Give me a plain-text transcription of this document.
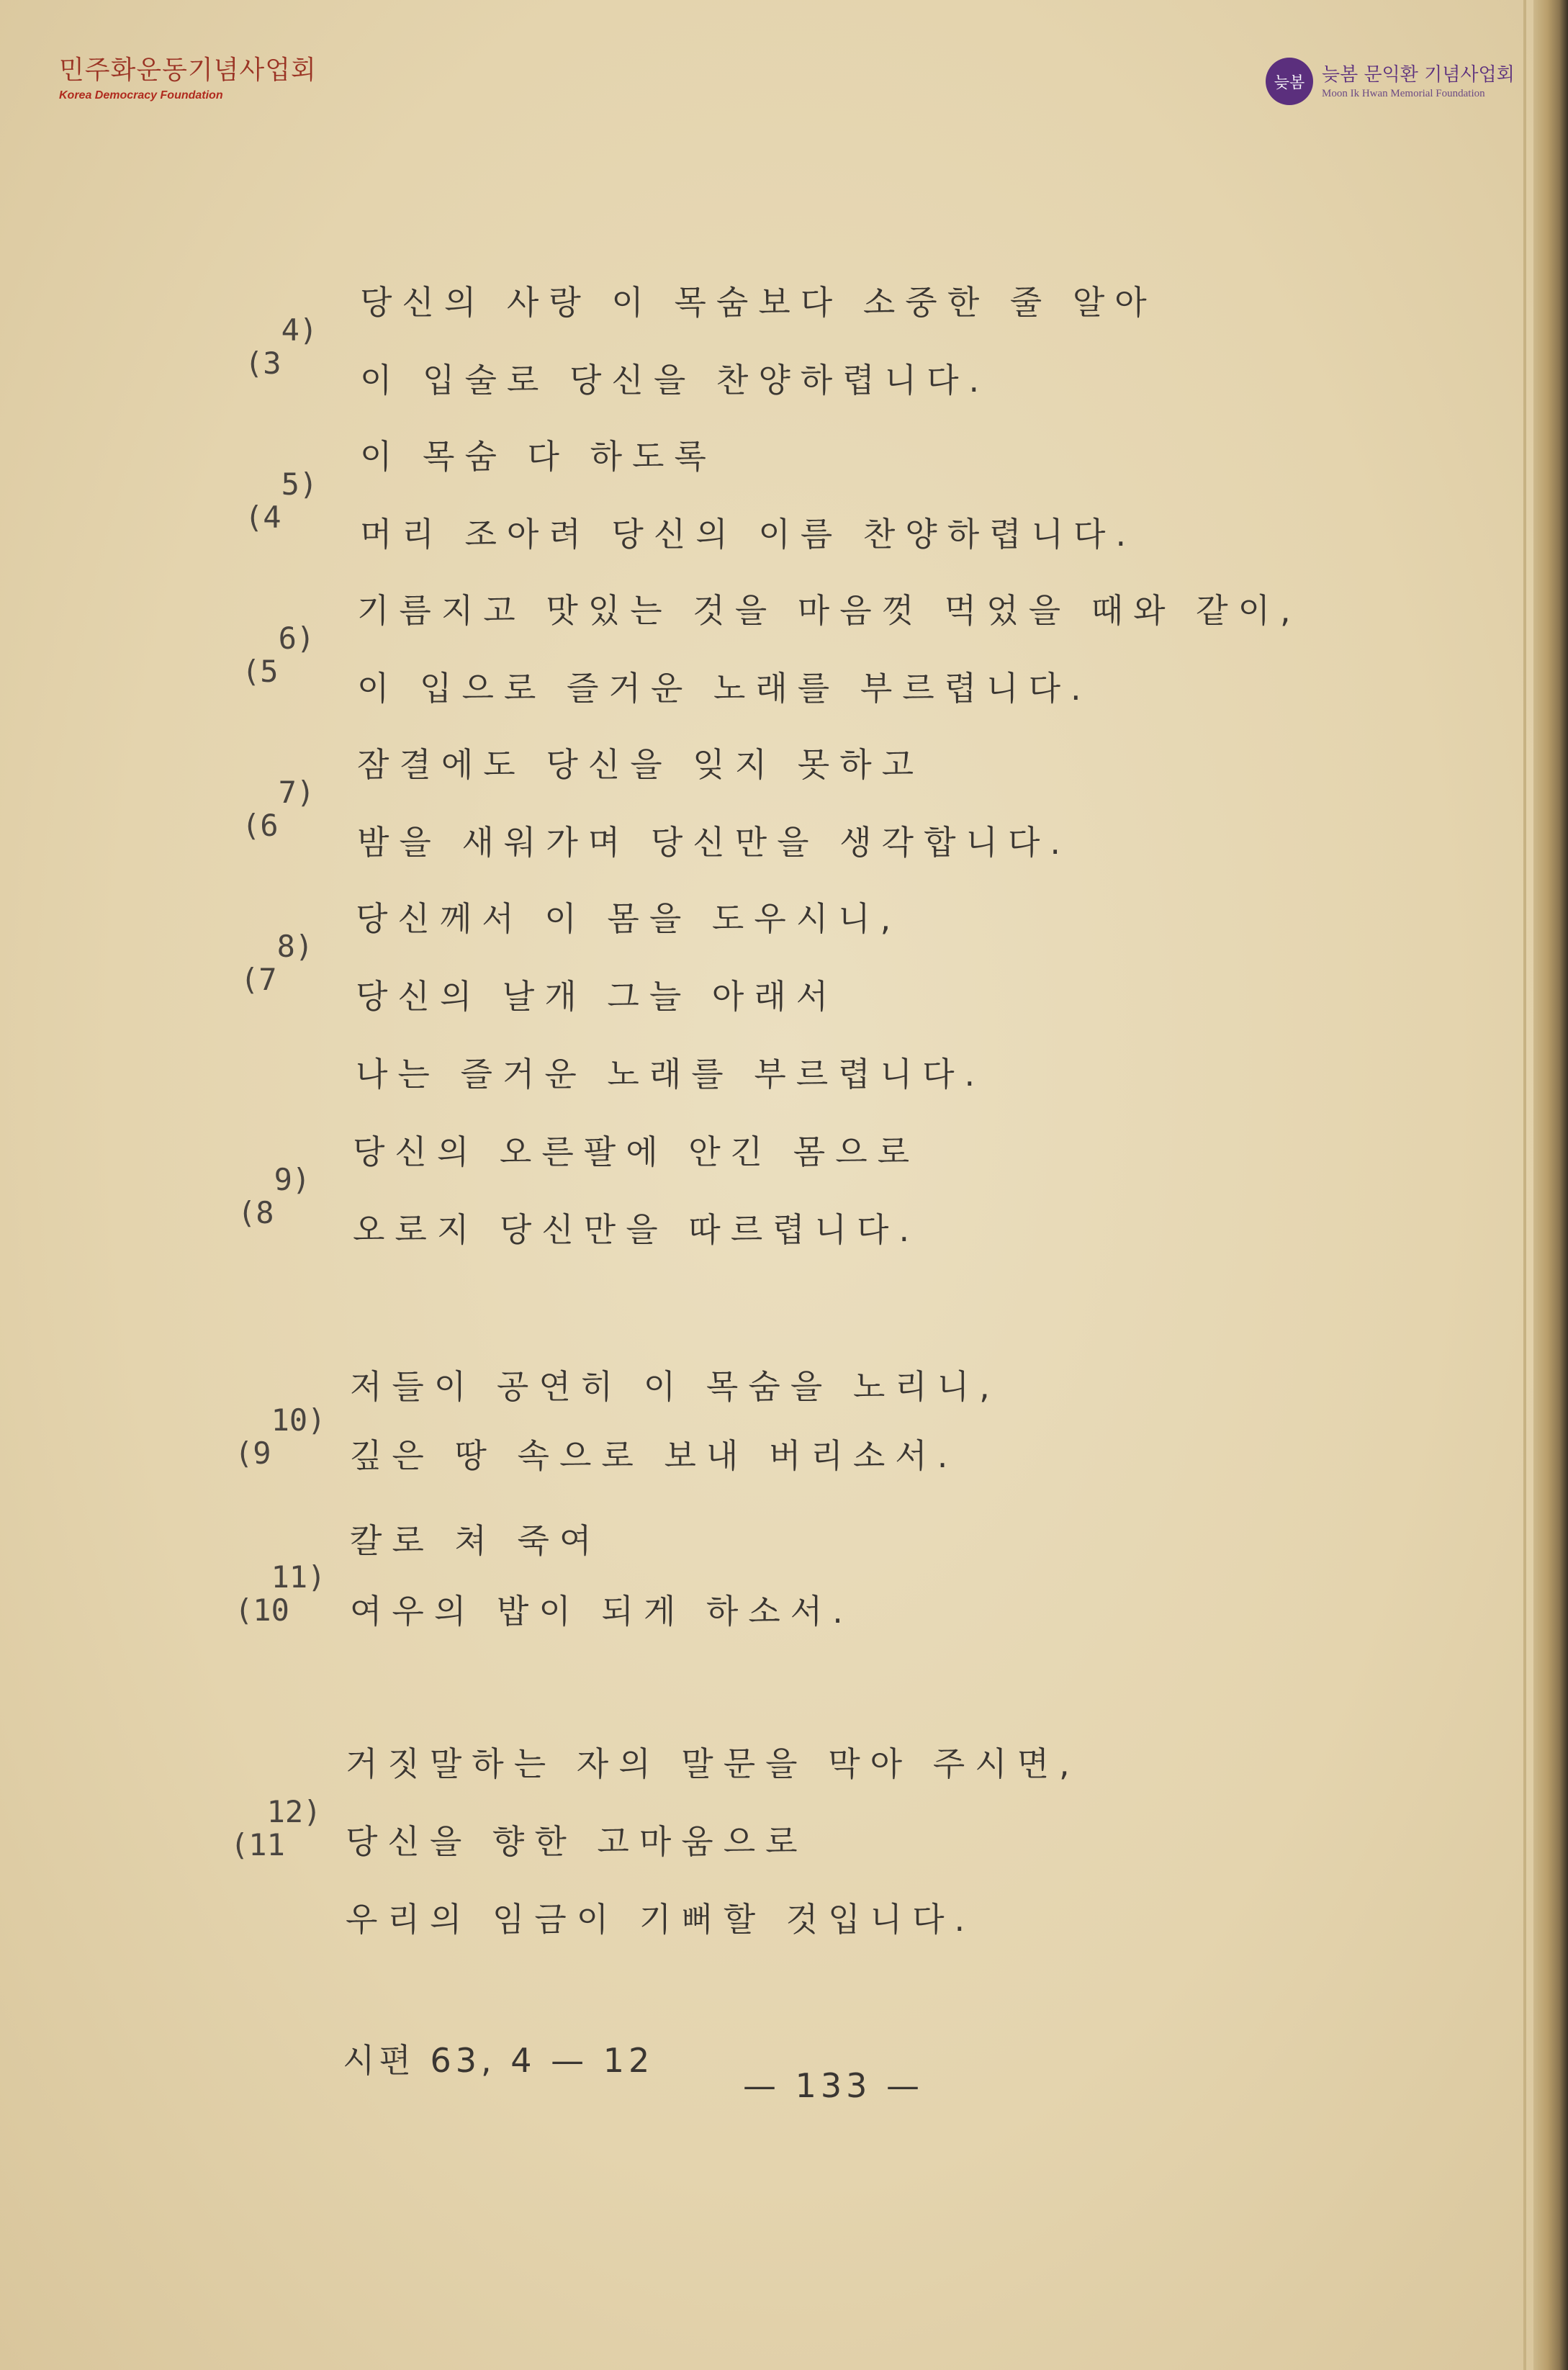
민주화운동기념사업회
Korea Democracy Foundation
늦봄 늦봄 문익환 기념사업회
Moon Ik Hwan Memorial Foundation

4)
(3

당신의 사랑 이 목숨보다 소중한 줄 알아
이 입술로 당신을 찬양하렵니다.

5)
(4

이 목숨 다 하도록
머리 조아려 당신의 이름 찬양하렵니다.

6)
(5

기름지고 맛있는 것을 마음껏 먹었을 때와 같이,
이 입으로 즐거운 노래를 부르렵니다.

7)
(6

잠결에도 당신을 잊지 못하고
밤을 새워가며 당신만을 생각합니다.

8)
(7

당신께서 이 몸을 도우시니,
당신의 날개 그늘 아래서
나는 즐거운 노래를 부르렵니다.

9)
(8

당신의 오른팔에 안긴 몸으로
오로지 당신만을 따르렵니다.

10)
(9

저들이 공연히 이 목숨을 노리니,
깊은 땅 속으로 보내 버리소서.

11)
(10

칼로 쳐 죽여
여우의 밥이 되게 하소서.

12)
(11

거짓말하는 자의 말문을 막아 주시면,
당신을 향한 고마움으로
우리의 임금이 기뻐할 것입니다.
시편 63, 4 — 12
— 133 —
